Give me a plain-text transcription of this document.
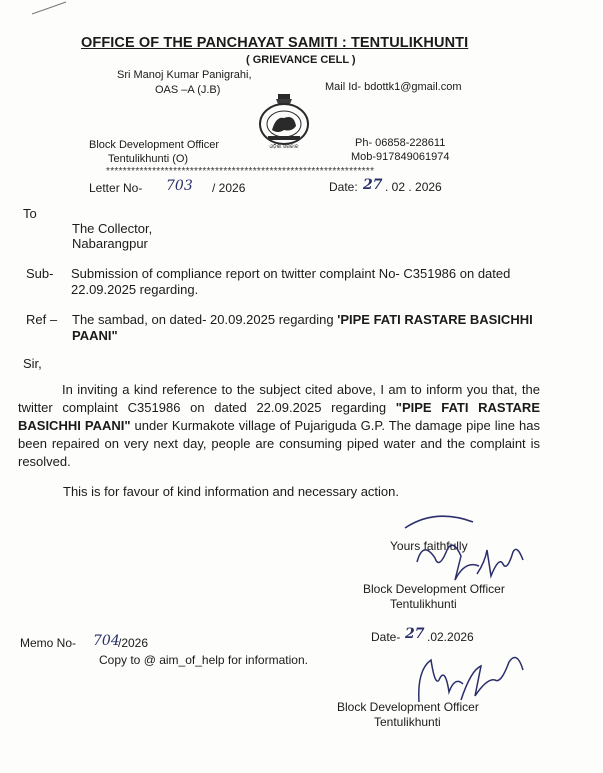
ଓଡ଼ିଶା ସରକାର
OFFICE OF THE PANCHAYAT SAMITI : TENTULIKHUNTI
( GRIEVANCE CELL )
Sri Manoj Kumar Panigrahi,
OAS –A (J.B)	Mail Id- bdottk1@gmail.com
Block Development Officer
Tentulikhunti (O)
Ph- 06858-228611
Mob-917849061974
****************************************************************
Letter No- 703 / 2026	Date: 27 . 02 . 2026
To
The Collector,
Nabarangpur
Sub- Submission of compliance report on twitter complaint No- C351986 on dated
22.09.2025 regarding.
Ref – The sambad, on dated- 20.09.2025 regarding 'PIPE FATI RASTARE BASICHHI
PAANI"
Sir,
In inviting a kind reference to the subject cited above, I am to inform you that, the twitter complaint C351986 on dated 22.09.2025 regarding "PIPE FATI RASTARE BASICHHI PAANI" under Kurmakote village of Pujariguda G.P. The damage pipe line has been repaired on very next day, people are consuming piped water and the complaint is resolved.
This is for favour of kind information and necessary action.
Yours faithfully
Block Development Officer
Tentulikhunti
Memo No- 704
/2026
Copy to @ aim_of_help for information.
Date- 27 .02.2026
Block Development Officer
Tentulikhunti
